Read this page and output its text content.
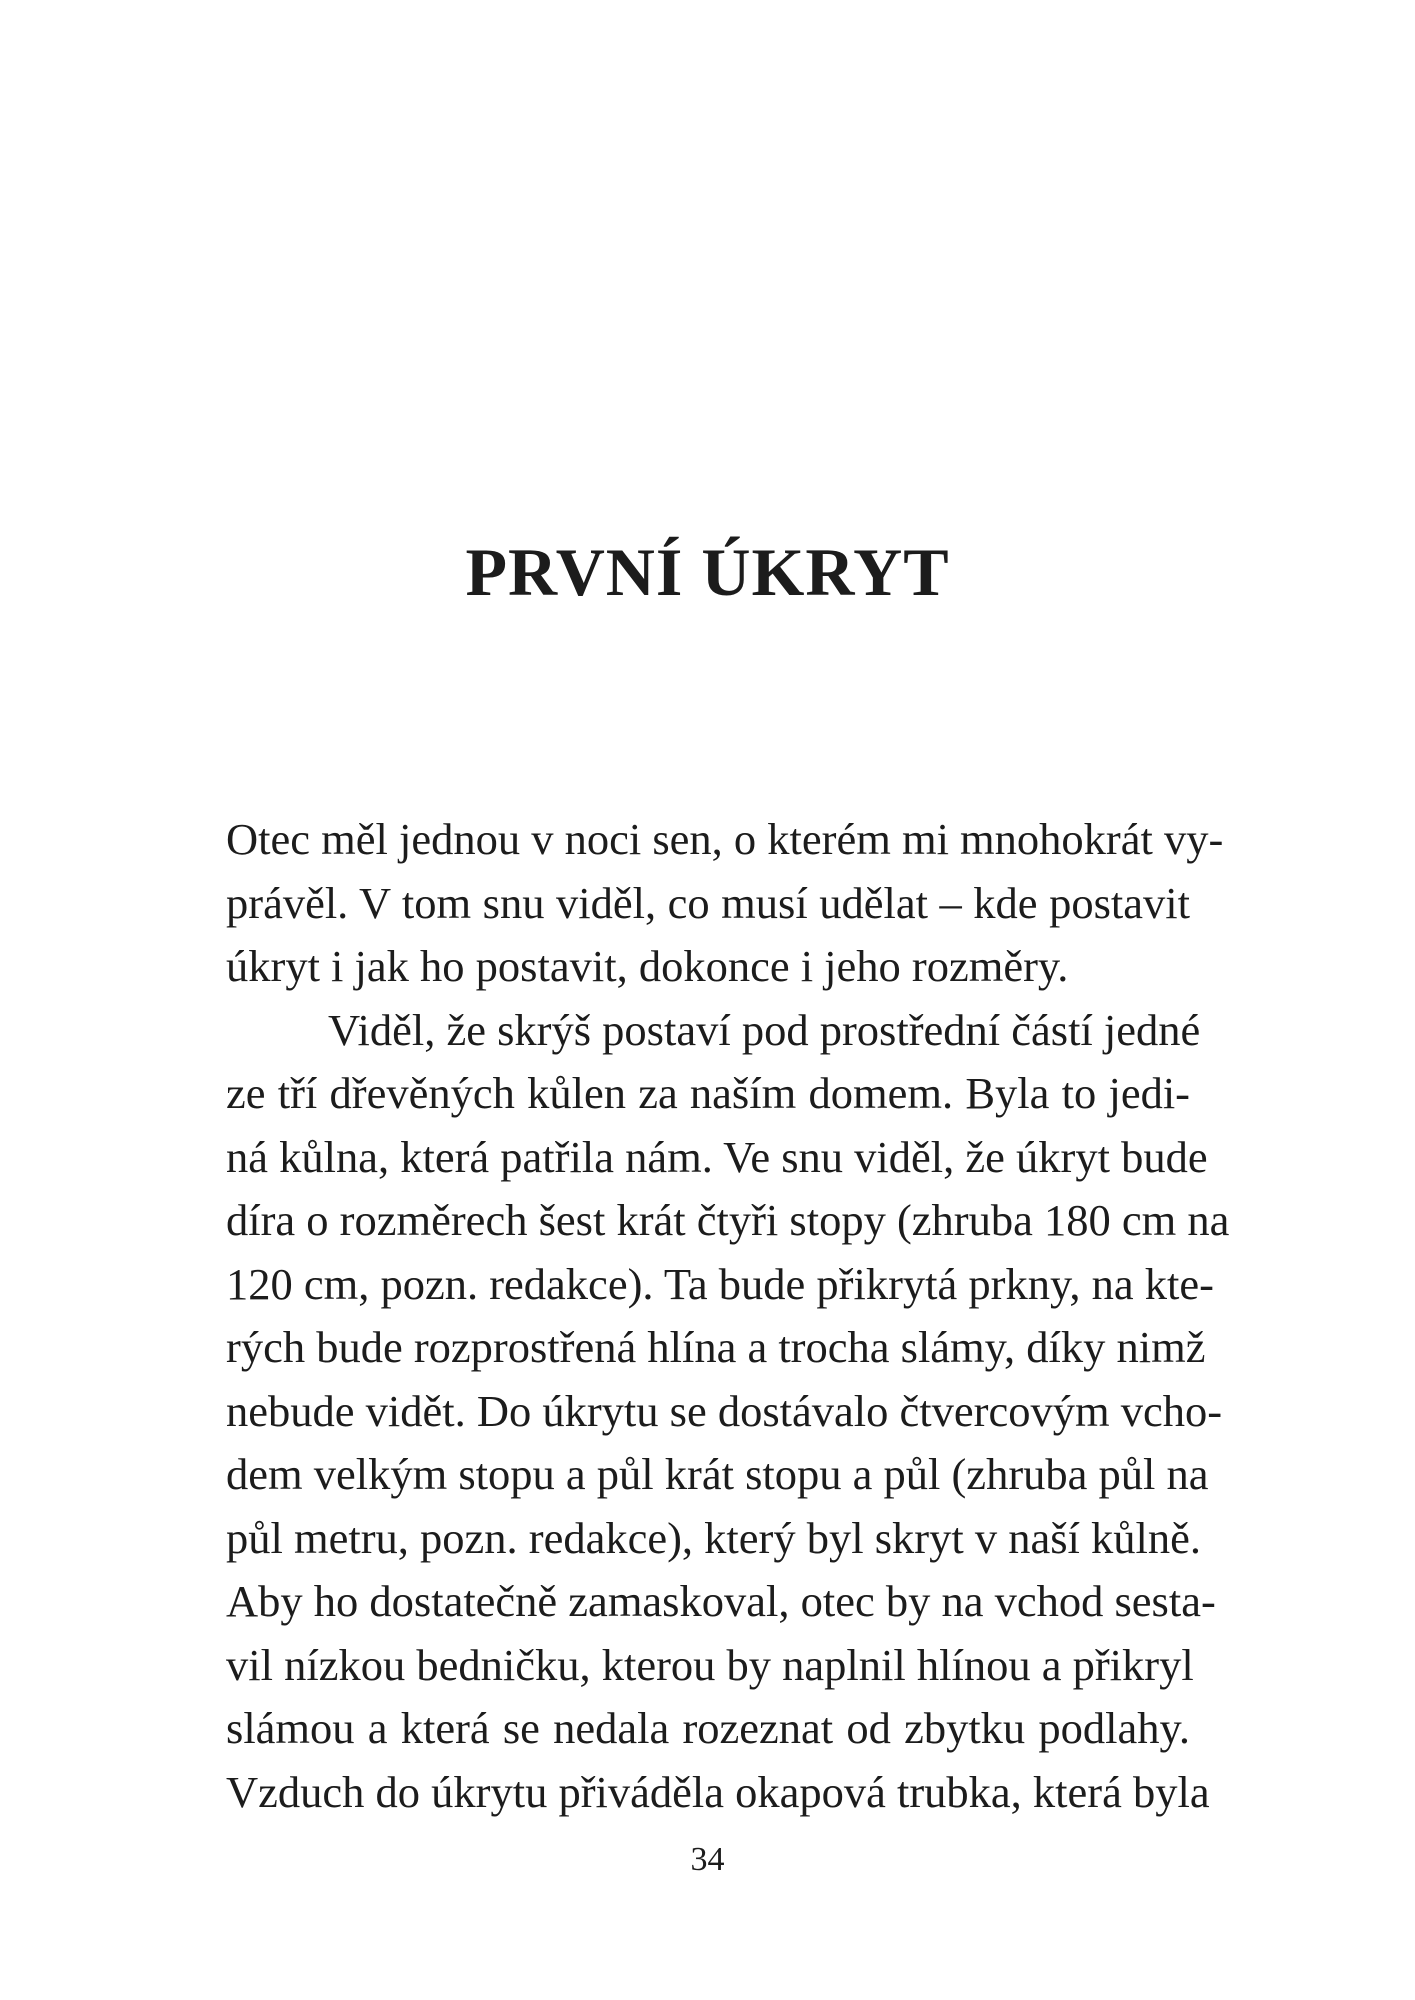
PRVNÍ ÚKRYT
Otec měl jednou v noci sen, o kterém mi mnohokrát vy-
právěl. V tom snu viděl, co musí udělat – kde postavit
úkryt i jak ho postavit, dokonce i jeho rozměry.
Viděl, že skrýš postaví pod prostřední částí jedné
ze tří dřevěných kůlen za naším domem. Byla to jedi-
ná kůlna, která patřila nám. Ve snu viděl, že úkryt bude
díra o rozměrech šest krát čtyři stopy (zhruba 180 cm na
120 cm, pozn. redakce). Ta bude přikrytá prkny, na kte-
rých bude rozprostřená hlína a trocha slámy, díky nimž
nebude vidět. Do úkrytu se dostávalo čtvercovým vcho-
dem velkým stopu a půl krát stopu a půl (zhruba půl na
půl metru, pozn. redakce), který byl skryt v naší kůlně.
Aby ho dostatečně zamaskoval, otec by na vchod sesta-
vil nízkou bedničku, kterou by naplnil hlínou a přikryl
slámou a která se nedala rozeznat od zbytku podlahy.
Vzduch do úkrytu přiváděla okapová trubka, která byla
34
